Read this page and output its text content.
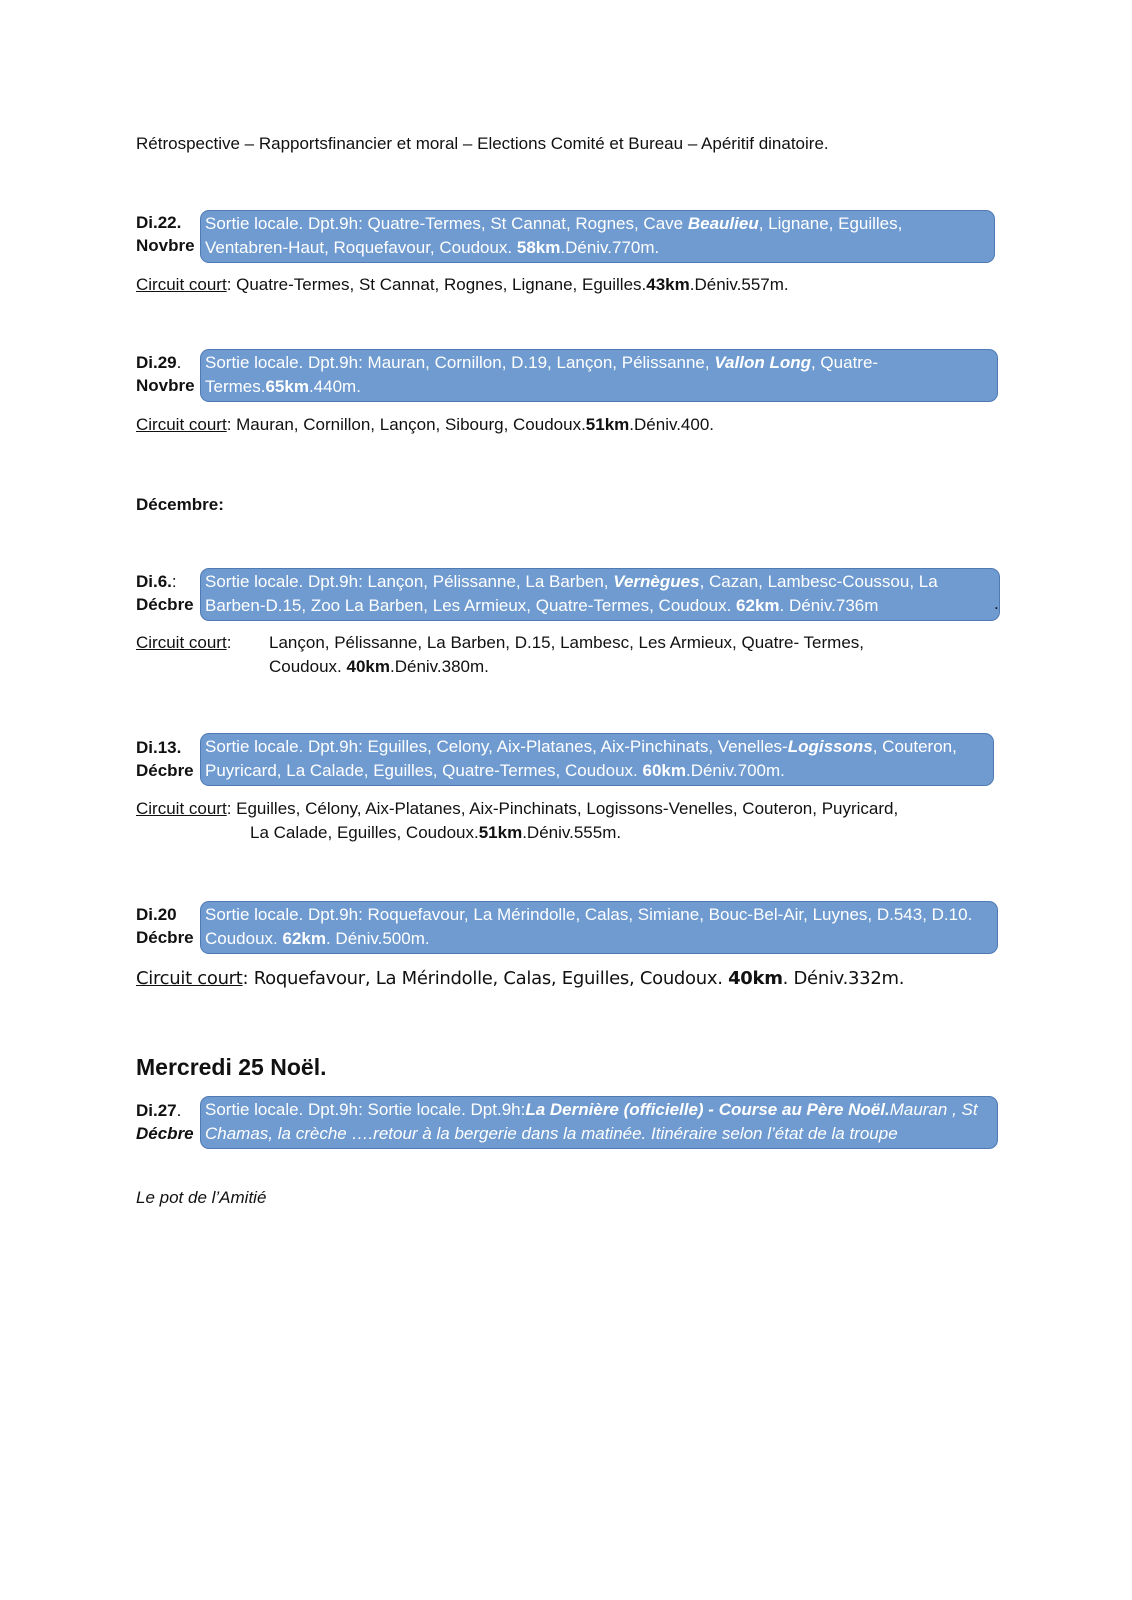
Rétrospective – Rapportsfinancier et moral – Elections Comité et Bureau – Apéritif dinatoire.
Di.22.
Novbre
Sortie locale. Dpt.9h: Quatre-Termes, St Cannat, Rognes, Cave Beaulieu, Lignane, Eguilles, Ventabren-Haut, Roquefavour, Coudoux. 58km.Déniv.770m.
Circuit court: Quatre-Termes, St Cannat, Rognes, Lignane, Eguilles.43km.Déniv.557m.
Di.29.
Novbre
Sortie locale. Dpt.9h: Mauran, Cornillon, D.19, Lançon, Pélissanne, Vallon Long, Quatre-Termes.65km.440m.
Circuit court: Mauran, Cornillon, Lançon, Sibourg, Coudoux.51km.Déniv.400.
Décembre:
Di.6.:
Décbre
Sortie locale. Dpt.9h: Lançon, Pélissanne, La Barben, Vernègues, Cazan, Lambesc-Coussou, La Barben-D.15, Zoo La Barben, Les Armieux, Quatre-Termes, Coudoux. 62km. Déniv.736m	.
Circuit court: Lançon, Pélissanne, La Barben, D.15, Lambesc, Les Armieux, Quatre- Termes,
Coudoux. 40km.Déniv.380m.
Di.13.
Décbre
Sortie locale. Dpt.9h: Eguilles, Celony, Aix-Platanes, Aix-Pinchinats, Venelles-Logissons, Couteron, Puyricard, La Calade, Eguilles, Quatre-Termes, Coudoux. 60km.Déniv.700m.
Circuit court: Eguilles, Célony, Aix-Platanes, Aix-Pinchinats, Logissons-Venelles, Couteron, Puyricard,
La Calade, Eguilles, Coudoux.51km.Déniv.555m.
Di.20
Décbre
Sortie locale. Dpt.9h: Roquefavour, La Mérindolle, Calas, Simiane, Bouc-Bel-Air, Luynes, D.543, D.10. Coudoux. 62km. Déniv.500m.
Circuit court: Roquefavour, La Mérindolle, Calas, Eguilles, Coudoux. 40km. Déniv.332m.
Mercredi 25 Noël.
Di.27.
Décbre
Sortie locale. Dpt.9h: Sortie locale. Dpt.9h:La Dernière (officielle) - Course au Père Noël.Mauran , St Chamas, la crèche ….retour à la bergerie dans la matinée. Itinéraire selon l’état de la troupe
Le pot de l’Amitié
